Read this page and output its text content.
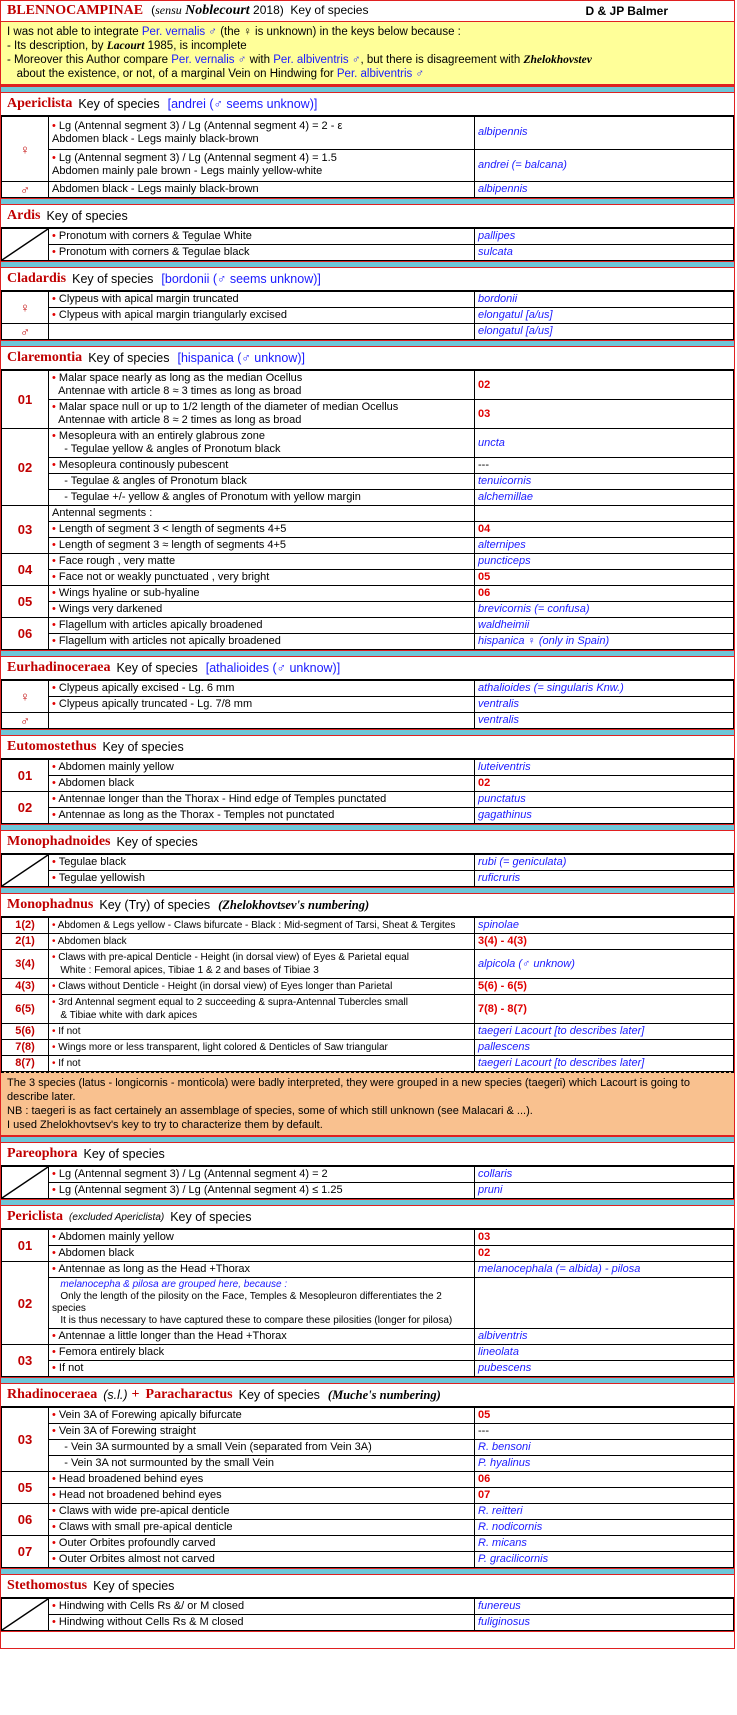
BLENNOCAMPINAE (sensu Noblecourt 2018) Key of species	D & JP Balmer
I was not able to integrate Per. vernalis ♂ (the ♀ is unknown) in the keys below because :
- Its description, by Lacourt 1985, is incomplete
- Moreover this Author compare Per. vernalis ♂ with Per. albiventris ♂, but there is disagreement with Zhelokhovstev
about the existence, or not, of a marginal Vein on Hindwing for Per. albiventris ♂
Apericlista Key of species [andrei (♂ seems unknow)]
♀	• Lg (Antennal segment 3) / Lg (Antennal segment 4) = 2 - ε
Abdomen black - Legs mainly black-brown	albipennis
	• Lg (Antennal segment 3) / Lg (Antennal segment 4) = 1.5
Abdomen mainly pale brown - Legs mainly yellow-white	andrei (= balcana)
♂	Abdomen black - Legs mainly black-brown	albipennis
Ardis Key of species
	• Pronotum with corners & Tegulae White	pallipes
	• Pronotum with corners & Tegulae black	sulcata
Cladardis Key of species [bordonii (♂ seems unknow)]
♀	• Clypeus with apical margin truncated	bordonii
	• Clypeus with apical margin triangularly excised	elongatul [a/us]
♂		elongatul [a/us]
Claremontia Key of species [hispanica (♂ unknow)]
01	• Malar space nearly as long as the median Ocellus
Antennae with article 8 ≈ 3 times as long as broad	02
	• Malar space null or up to 1/2 length of the diameter of median Ocellus
Antennae with article 8 ≈ 2 times as long as broad	03
02	• Mesopleura with an entirely glabrous zone
- Tegulae yellow & angles of Pronotum black	uncta
	• Mesopleura continously pubescent	---
	- Tegulae & angles of Pronotum black	tenuicornis
	- Tegulae +/- yellow & angles of Pronotum with yellow margin	alchemillae
03	Antennal segments :	
	• Length of segment 3 < length of segments 4+5	04
	• Length of segment 3 ≈ length of segments 4+5	alternipes
04	• Face rough , very matte	puncticeps
	• Face not or weakly punctuated , very bright	05
05	• Wings hyaline or sub-hyaline	06
	• Wings very darkened	brevicornis (= confusa)
06	• Flagellum with articles apically broadened	waldheimii
	• Flagellum with articles not apically broadened	hispanica ♀ (only in Spain)
Eurhadinoceraea Key of species [athalioides (♂ unknow)]
♀	• Clypeus apically excised - Lg. 6 mm	athalioides (= singularis Knw.)
	• Clypeus apically truncated - Lg. 7/8 mm	ventralis
♂		ventralis
Eutomostethus Key of species
01	• Abdomen mainly yellow	luteiventris
	• Abdomen black	02
02	• Antennae longer than the Thorax - Hind edge of Temples punctated	punctatus
	• Antennae as long as the Thorax - Temples not punctated	gagathinus
Monophadnoides Key of species
	• Tegulae black	rubi (= geniculata)
	• Tegulae yellowish	ruficruris
Monophadnus Key (Try) of species (Zhelokhovtsev's numbering)
1(2)	• Abdomen & Legs yellow - Claws bifurcate - Black : Mid-segment of Tarsi, Sheat & Tergites	spinolae
2(1)	• Abdomen black	3(4) - 4(3)
3(4)	• Claws with pre-apical Denticle - Height (in dorsal view) of Eyes & Parietal equal
White : Femoral apices, Tibiae 1 & 2 and bases of Tibiae 3	alpicola (♂ unknow)
4(3)	• Claws without Denticle - Height (in dorsal view) of Eyes longer than Parietal	5(6) - 6(5)
6(5)	• 3rd Antennal segment equal to 2 succeeding & supra-Antennal Tubercles small
& Tibiae white with dark apices	7(8) - 8(7)
5(6)	• If not	taegeri Lacourt [to describes later]
7(8)	• Wings more or less transparent, light colored & Denticles of Saw triangular	pallescens
8(7)	• If not	taegeri Lacourt [to describes later]
The 3 species (latus - longicornis - monticola) were badly interpreted, they were grouped in a new species (taegeri) which Lacourt is going to describe later.
NB : taegeri is as fact certainely an assemblage of species, some of which still unknown (see Malacari & ...).
I used Zhelokhovtsev's key to try to characterize them by default.
Pareophora Key of species
	• Lg (Antennal segment 3) / Lg (Antennal segment 4) = 2	collaris
	• Lg (Antennal segment 3) / Lg (Antennal segment 4) ≤ 1.25	pruni
Periclista (excluded Apericlista) Key of species
01	• Abdomen mainly yellow	03
	• Abdomen black	02
02	• Antennae as long as the Head +Thorax	melanocephala (= albida) - pilosa
	melanocepha & pilosa are grouped here, because :
Only the length of the pilosity on the Face, Temples & Mesopleuron differentiates the 2 species
It is thus necessary to have captured these to compare these pilosities (longer for pilosa)	
	• Antennae a little longer than the Head +Thorax	albiventris
03	• Femora entirely black	lineolata
	• If not	pubescens
Rhadinoceraea (s.l.) + Paracharactus Key of species (Muche's numbering)
03	• Vein 3A of Forewing apically bifurcate	05
	• Vein 3A of Forewing straight	---
	- Vein 3A surmounted by a small Vein (separated from Vein 3A)	R. bensoni
	- Vein 3A not surmounted by the small Vein	P. hyalinus
05	• Head broadened behind eyes	06
	• Head not broadened behind eyes	07
06	• Claws with wide pre-apical denticle	R. reitteri
	• Claws with small pre-apical denticle	R. nodicornis
07	• Outer Orbites profoundly carved	R. micans
	• Outer Orbites almost not carved	P. gracilicornis
Stethomostus Key of species
	• Hindwing with Cells Rs &/ or M closed	funereus
	• Hindwing without Cells Rs & M closed	fuliginosus
